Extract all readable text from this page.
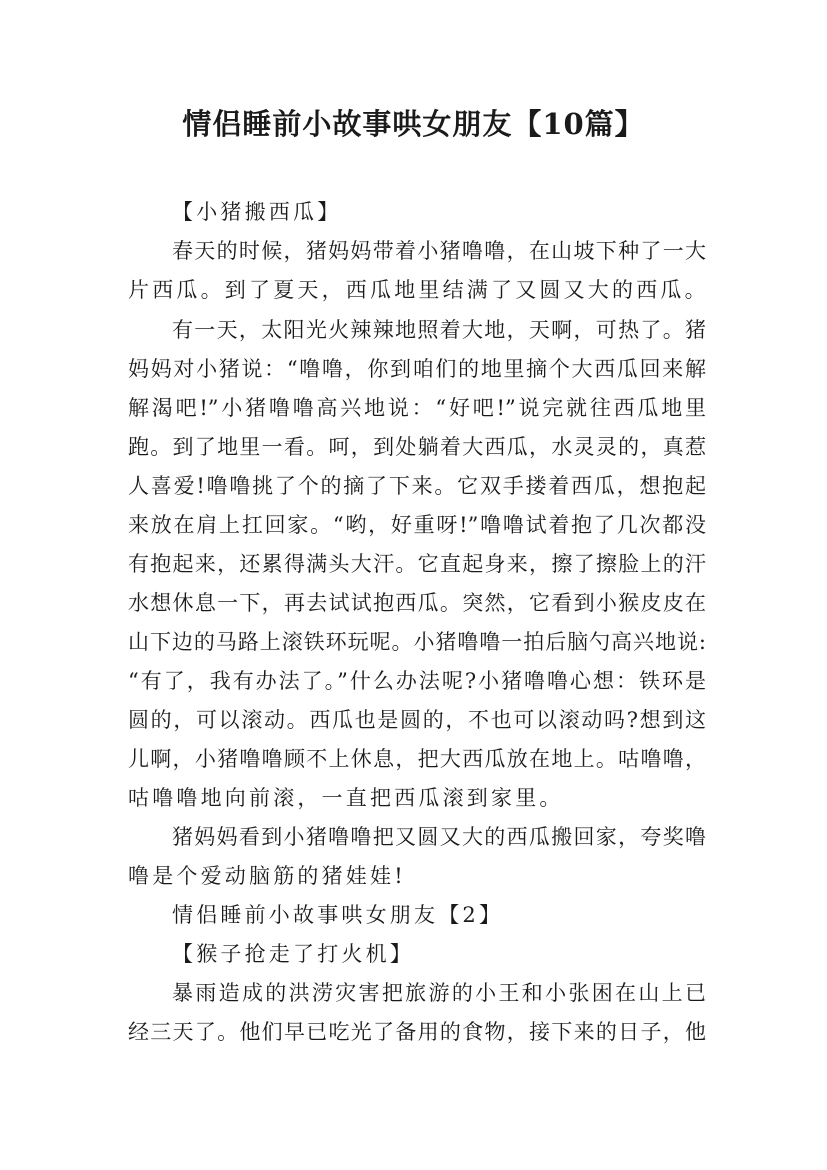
情侣睡前小故事哄女朋友【10篇】
【小猪搬西瓜】
春天的时候，猪妈妈带着小猪噜噜，在山坡下种了一大
片西瓜。到了夏天，西瓜地里结满了又圆又大的西瓜。
有一天，太阳光火辣辣地照着大地，天啊，可热了。猪
妈妈对小猪说：“噜噜，你到咱们的地里摘个大西瓜回来解
解渴吧!”小猪噜噜高兴地说：“好吧!”说完就往西瓜地里
跑。到了地里一看。呵，到处躺着大西瓜，水灵灵的，真惹
人喜爱!噜噜挑了个的摘了下来。它双手搂着西瓜，想抱起
来放在肩上扛回家。“哟，好重呀!”噜噜试着抱了几次都没
有抱起来，还累得满头大汗。它直起身来，擦了擦脸上的汗
水想休息一下，再去试试抱西瓜。突然，它看到小猴皮皮在
山下边的马路上滚铁环玩呢。小猪噜噜一拍后脑勺高兴地说:
“有了，我有办法了。”什么办法呢?小猪噜噜心想：铁环是
圆的，可以滚动。西瓜也是圆的，不也可以滚动吗?想到这
儿啊，小猪噜噜顾不上休息，把大西瓜放在地上。咕噜噜，
咕噜噜地向前滚，一直把西瓜滚到家里。
猪妈妈看到小猪噜噜把又圆又大的西瓜搬回家，夸奖噜
噜是个爱动脑筋的猪娃娃!
情侣睡前小故事哄女朋友【2】
【猴子抢走了打火机】
暴雨造成的洪涝灾害把旅游的小王和小张困在山上已
经三天了。他们早已吃光了备用的食物，接下来的日子，他
